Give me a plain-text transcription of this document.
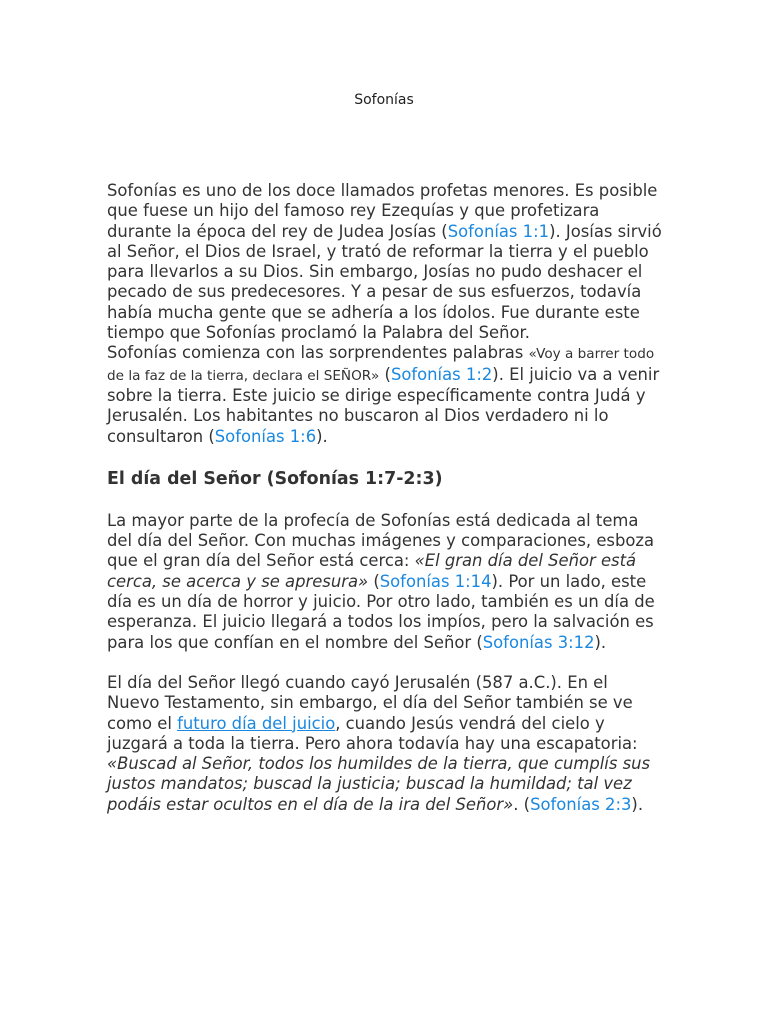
Sofonías

Sofonías es uno de los doce llamados profetas menores. Es posible que fuese un hijo del famoso rey Ezequías y que profetizara durante la época del rey de Judea Josías (Sofonías 1:1). Josías sirvió al Señor, el Dios de Israel, y trató de reformar la tierra y el pueblo para llevarlos a su Dios. Sin embargo, Josías no pudo deshacer el pecado de sus predecesores. Y a pesar de sus esfuerzos, todavía había mucha gente que se adhería a los ídolos. Fue durante este tiempo que Sofonías proclamó la Palabra del Señor.

Sofonías comienza con las sorprendentes palabras «Voy a barrer todo de la faz de la tierra, declara el SEÑOR» (Sofonías 1:2). El juicio va a venir sobre la tierra. Este juicio se dirige específicamente contra Judá y Jerusalén. Los habitantes no buscaron al Dios verdadero ni lo consultaron (Sofonías 1:6).

El día del Señor (Sofonías 1:7-2:3)

La mayor parte de la profecía de Sofonías está dedicada al tema del día del Señor. Con muchas imágenes y comparaciones, esboza que el gran día del Señor está cerca: «El gran día del Señor está cerca, se acerca y se apresura» (Sofonías 1:14). Por un lado, este día es un día de horror y juicio. Por otro lado, también es un día de esperanza. El juicio llegará a todos los impíos, pero la salvación es para los que confían en el nombre del Señor (Sofonías 3:12).

El día del Señor llegó cuando cayó Jerusalén (587 a.C.). En el Nuevo Testamento, sin embargo, el día del Señor también se ve como el futuro día del juicio, cuando Jesús vendrá del cielo y juzgará a toda la tierra. Pero ahora todavía hay una escapatoria: «Buscad al Señor, todos los humildes de la tierra, que cumplís sus justos mandatos; buscad la justicia; buscad la humildad; tal vez podáis estar ocultos en el día de la ira del Señor». (Sofonías 2:3).
